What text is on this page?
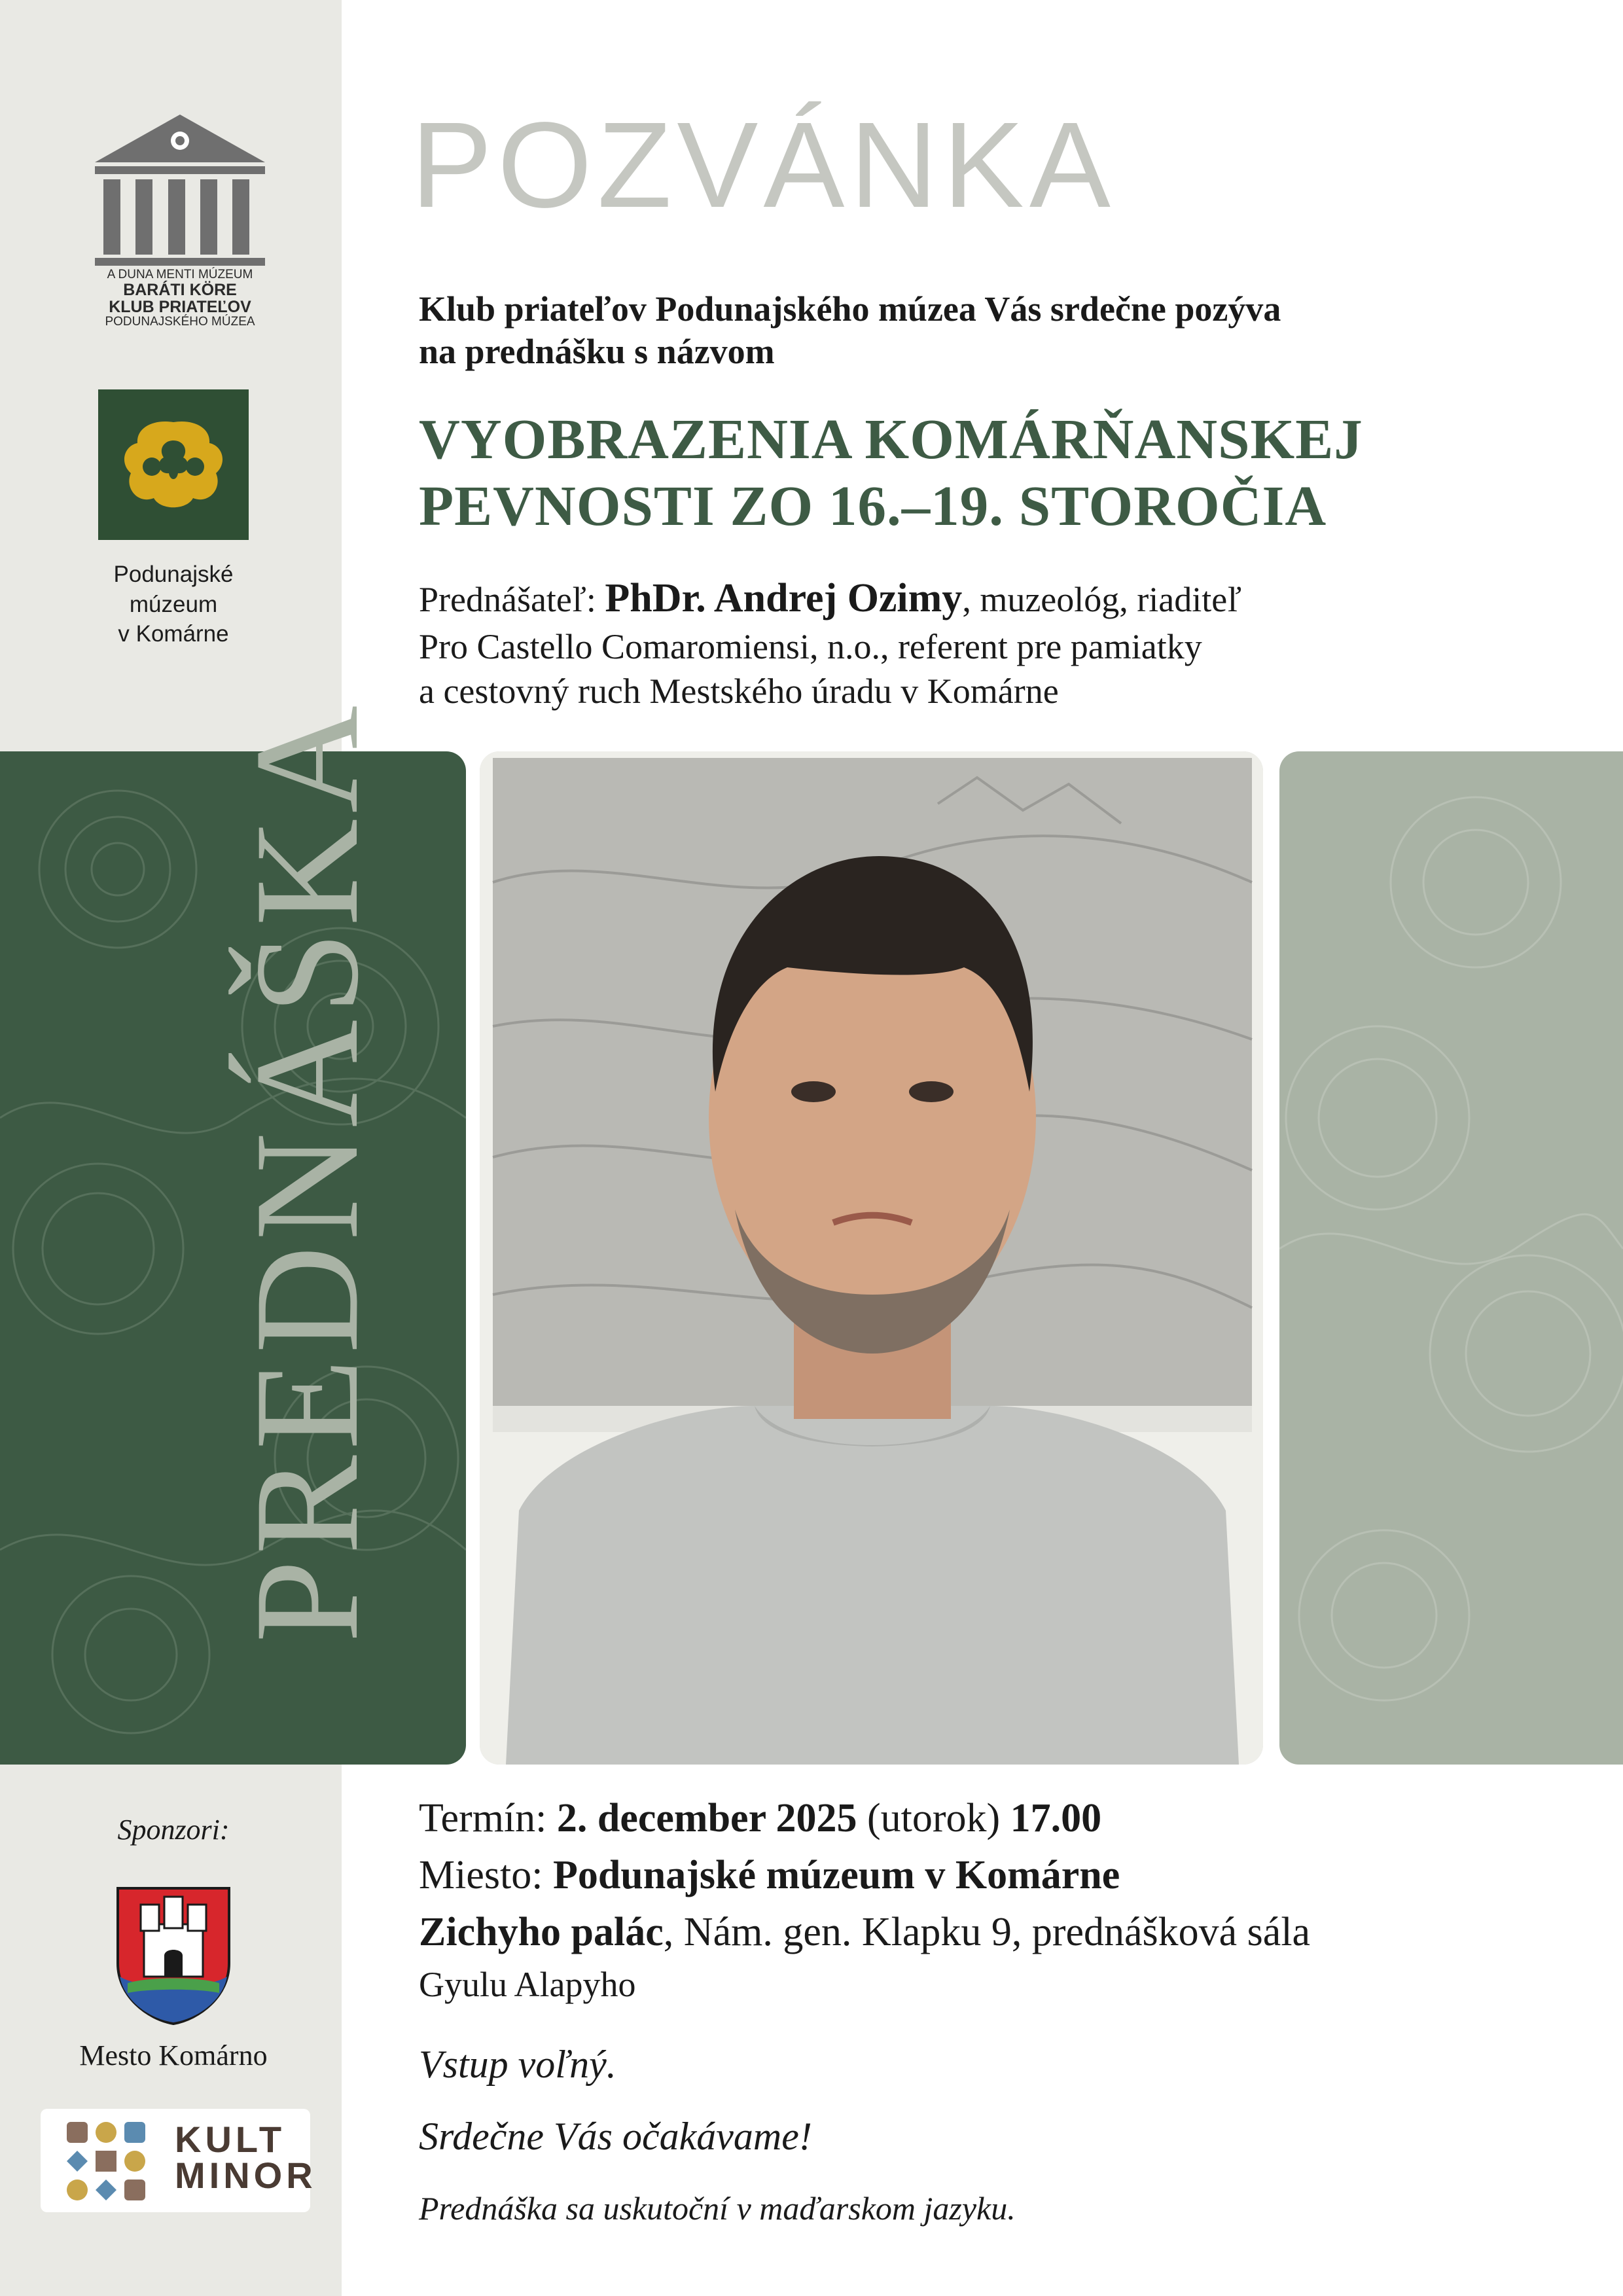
A DUNA MENTI MÚZEUM
BARÁTI KÖRE
KLUB PRIATEĽOV
PODUNAJSKÉHO MÚZEA
Podunajské
múzeum
v Komárne
POZVÁNKA
Klub priateľov Podunajského múzea Vás srdečne pozýva
na prednášku s názvom
VYOBRAZENIA KOMÁRŇANSKEJ
PEVNOSTI ZO 16.–19. STOROČIA
Prednášateľ: PhDr. Andrej Ozimy, muzeológ, riaditeľ
Pro Castello Comaromiensi, n.o., referent pre pamiatky
a cestovný ruch Mestského úradu v Komárne
PREDNÁŠKA
Termín: 2. december 2025 (utorok) 17.00
Miesto: Podunajské múzeum v Komárne
Zichyho palác, Nám. gen. Klapku 9, prednášková sála
Gyulu Alapyho
Vstup voľný.
Srdečne Vás očakávame!
Prednáška sa uskutoční v maďarskom jazyku.
Sponzori:
Mesto Komárno
KULT
MINOR
